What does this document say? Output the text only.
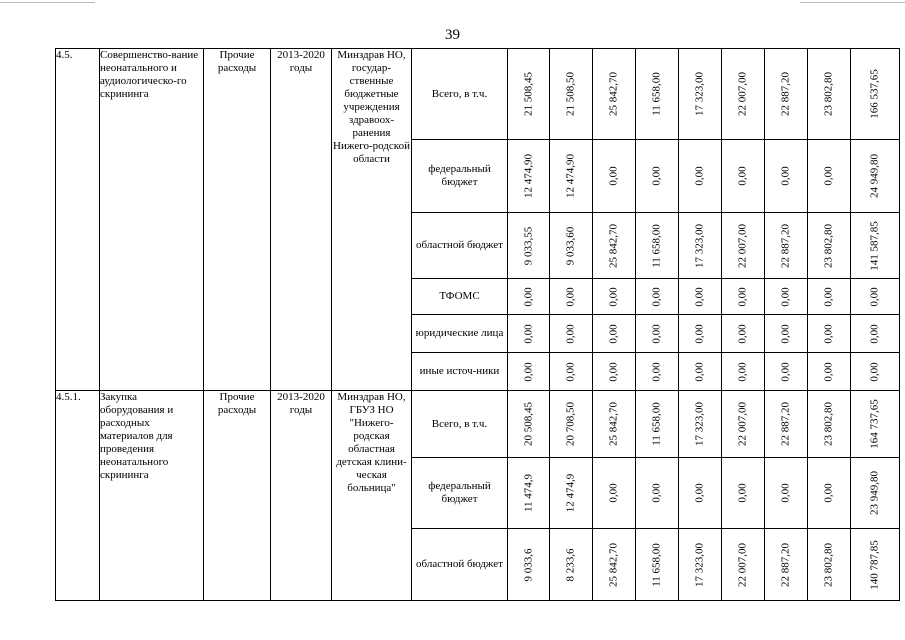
39
4.5.	Совершенство-вание неонатального и аудиологическо-го скрининга	Прочие расходы	2013-2020 годы	Минздрав НО, государ-ственные бюджетные учреждения здравоох-ранения Нижего-родской области	Всего, в т.ч.	21 508,45	21 508,50	25 842,70	11 658,00	17 323,00	22 007,00	22 887,20	23 802,80	166 537,65

					федеральный бюджет	12 474,90	12 474,90	0,00	0,00	0,00	0,00	0,00	0,00	24 949,80

					областной бюджет	9 033,55	9 033,60	25 842,70	11 658,00	17 323,00	22 007,00	22 887,20	23 802,80	141 587,85

					ТФОМС	0,00	0,00	0,00	0,00	0,00	0,00	0,00	0,00	0,00

					юридические лица	0,00	0,00	0,00	0,00	0,00	0,00	0,00	0,00	0,00

					иные источ-ники	0,00	0,00	0,00	0,00	0,00	0,00	0,00	0,00	0,00

4.5.1.	Закупка оборудования и расходных материалов для проведения неонатального скрининга	Прочие расходы	2013-2020 годы	Минздрав НО, ГБУЗ НО "Нижего-родская областная детская клини-ческая больница"	Всего, в т.ч.	20 508,45	20 708,50	25 842,70	11 658,00	17 323,00	22 007,00	22 887,20	23 802,80	164 737,65

					федеральный бюджет	11 474,9	12 474,9	0,00	0,00	0,00	0,00	0,00	0,00	23 949,80

					областной бюджет	9 033,6	8 233,6	25 842,70	11 658,00	17 323,00	22 007,00	22 887,20	23 802,80	140 787,85
